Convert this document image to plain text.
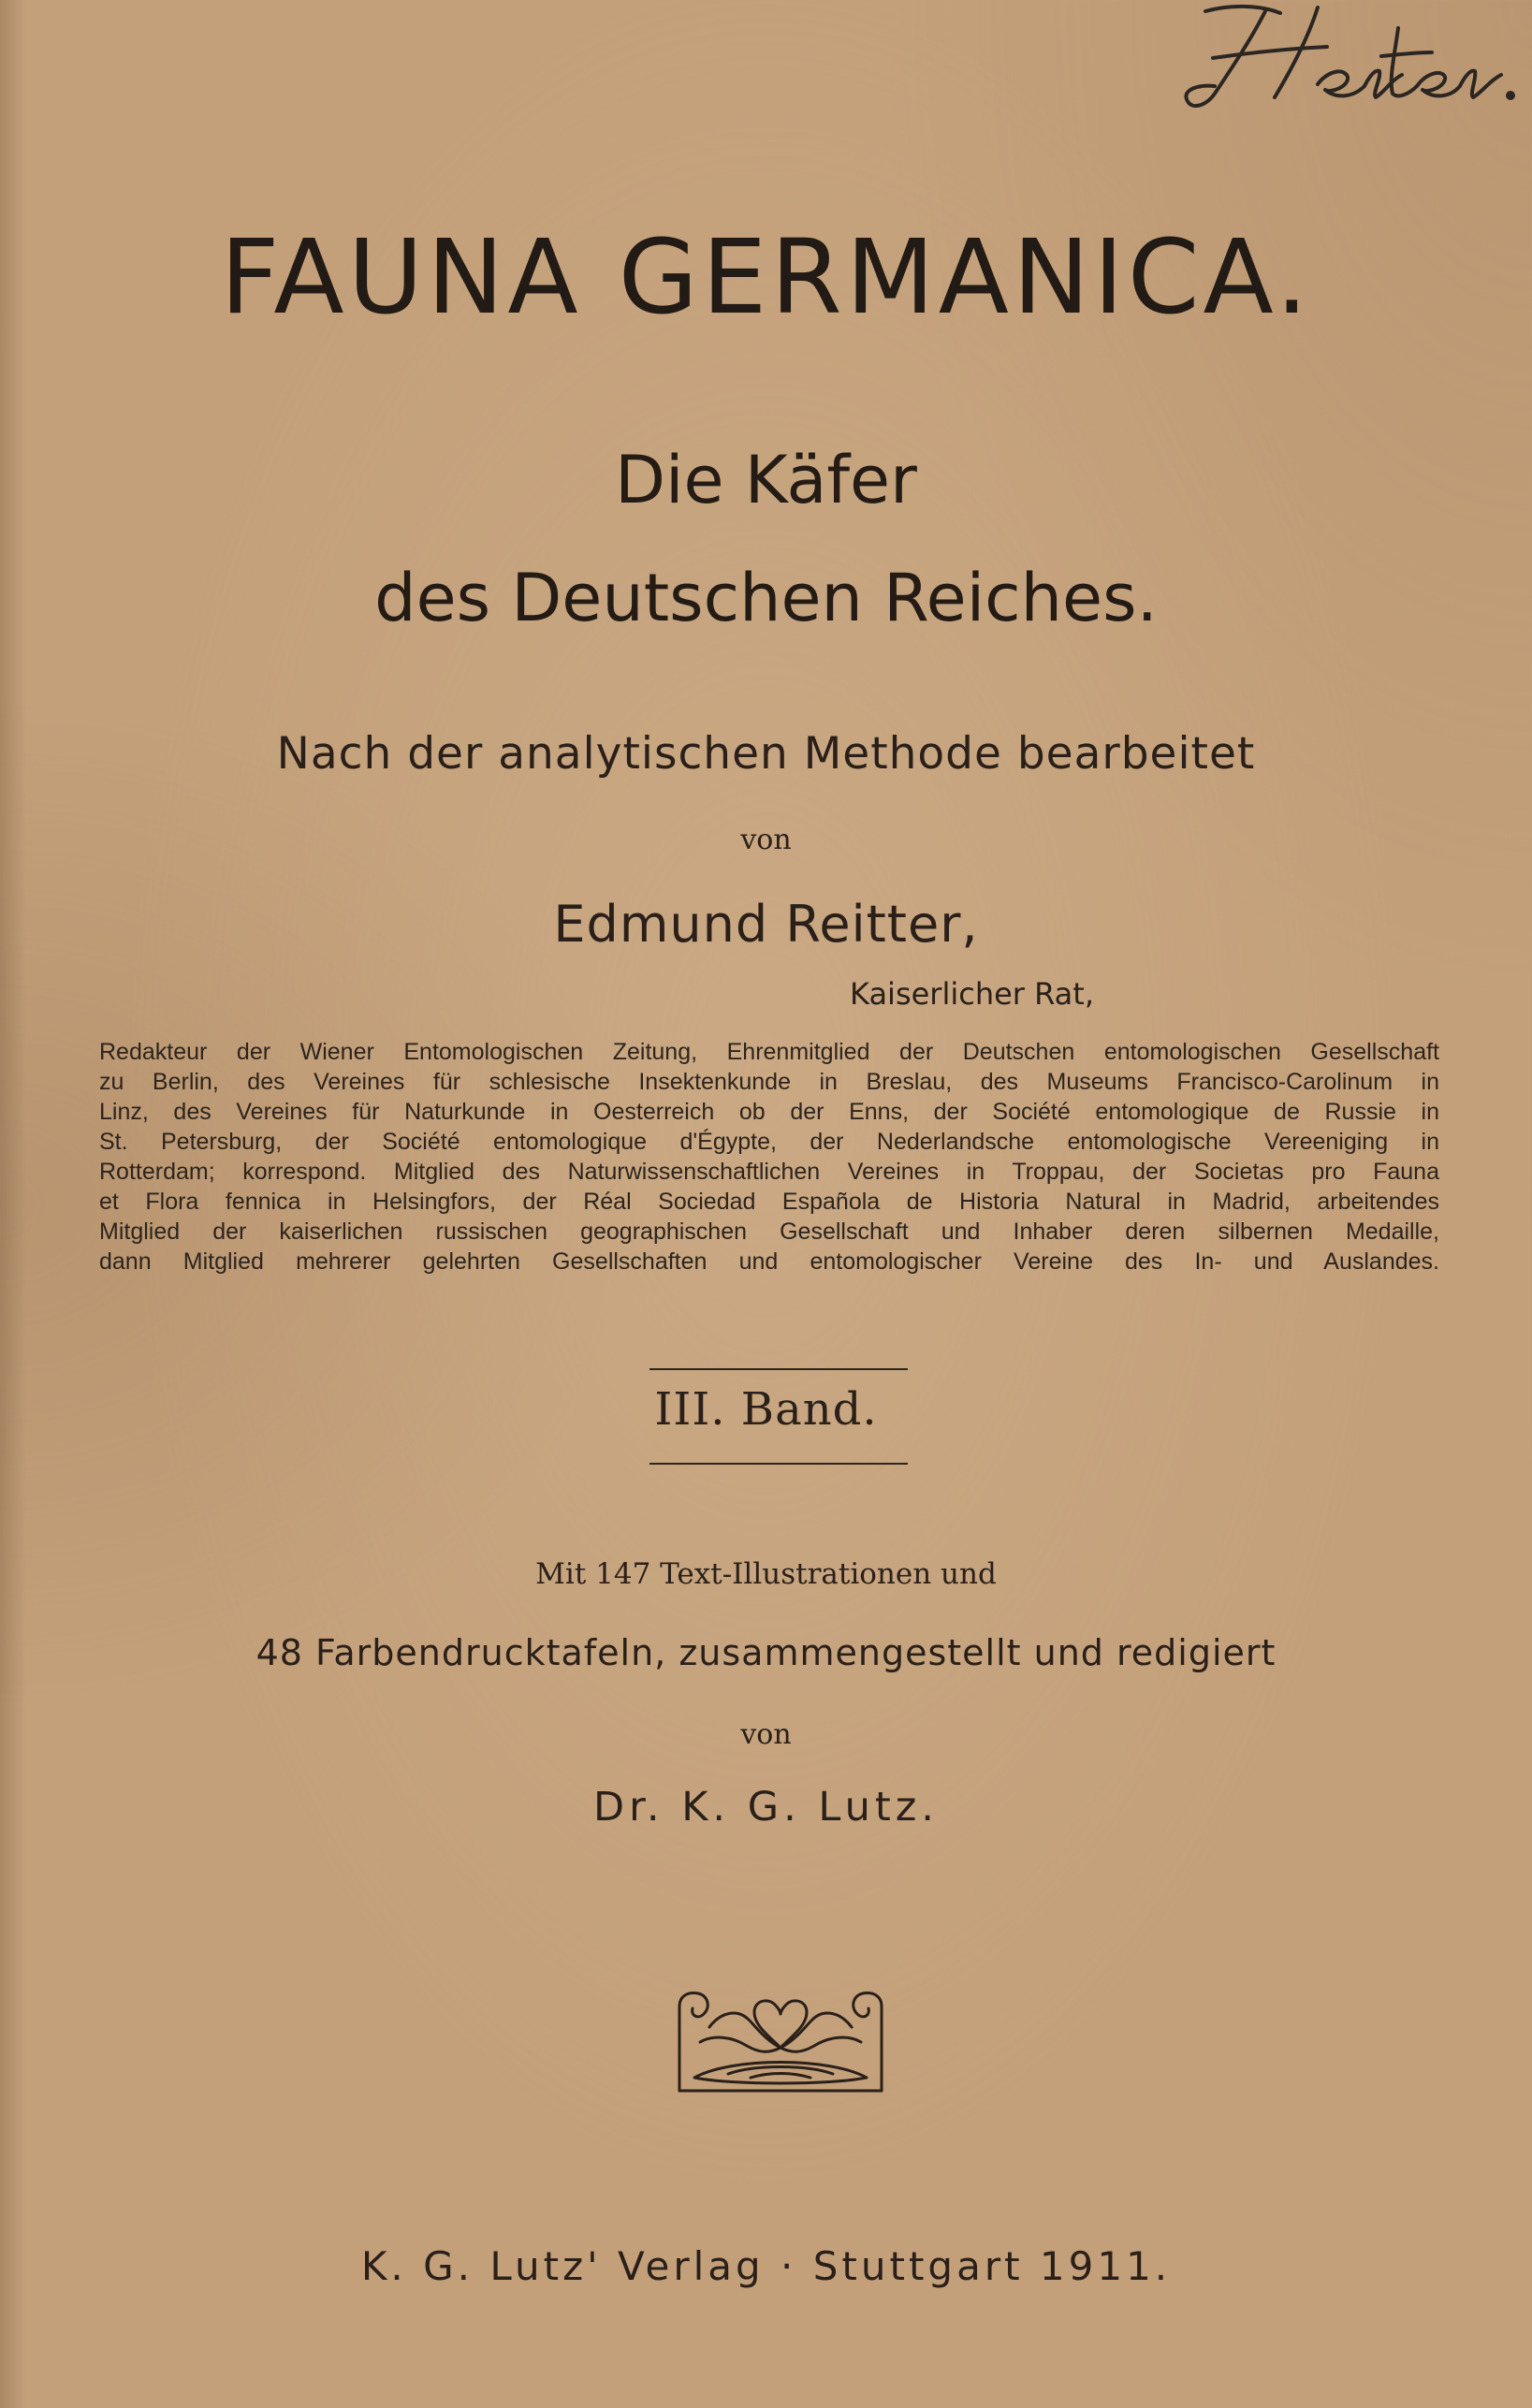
FAUNA GERMANICA.
Die Käfer
des Deutschen Reiches.
Nach der analytischen Methode bearbeitet
von
Edmund Reitter,
Kaiserlicher Rat,
Redakteur der Wiener Entomologischen Zeitung, Ehrenmitglied der Deutschen entomologischen Gesellschaft
zu Berlin, des Vereines für schlesische Insektenkunde in Breslau, des Museums Francisco-Carolinum in
Linz, des Vereines für Naturkunde in Oesterreich ob der Enns, der Société entomologique de Russie in
St. Petersburg, der Société entomologique d'Égypte, der Nederlandsche entomologische Vereeniging in
Rotterdam; korrespond. Mitglied des Naturwissenschaftlichen Vereines in Troppau, der Societas pro Fauna
et Flora fennica in Helsingfors, der Réal Sociedad Española de Historia Natural in Madrid, arbeitendes
Mitglied der kaiserlichen russischen geographischen Gesellschaft und Inhaber deren silbernen Medaille,
dann Mitglied mehrerer gelehrten Gesellschaften und entomologischer Vereine des In- und Auslandes.
III. Band.
Mit 147 Text-Illustrationen und
48 Farbendrucktafeln, zusammengestellt und redigiert
von
Dr. K. G. Lutz.
K. G. Lutz' Verlag · Stuttgart 1911.
